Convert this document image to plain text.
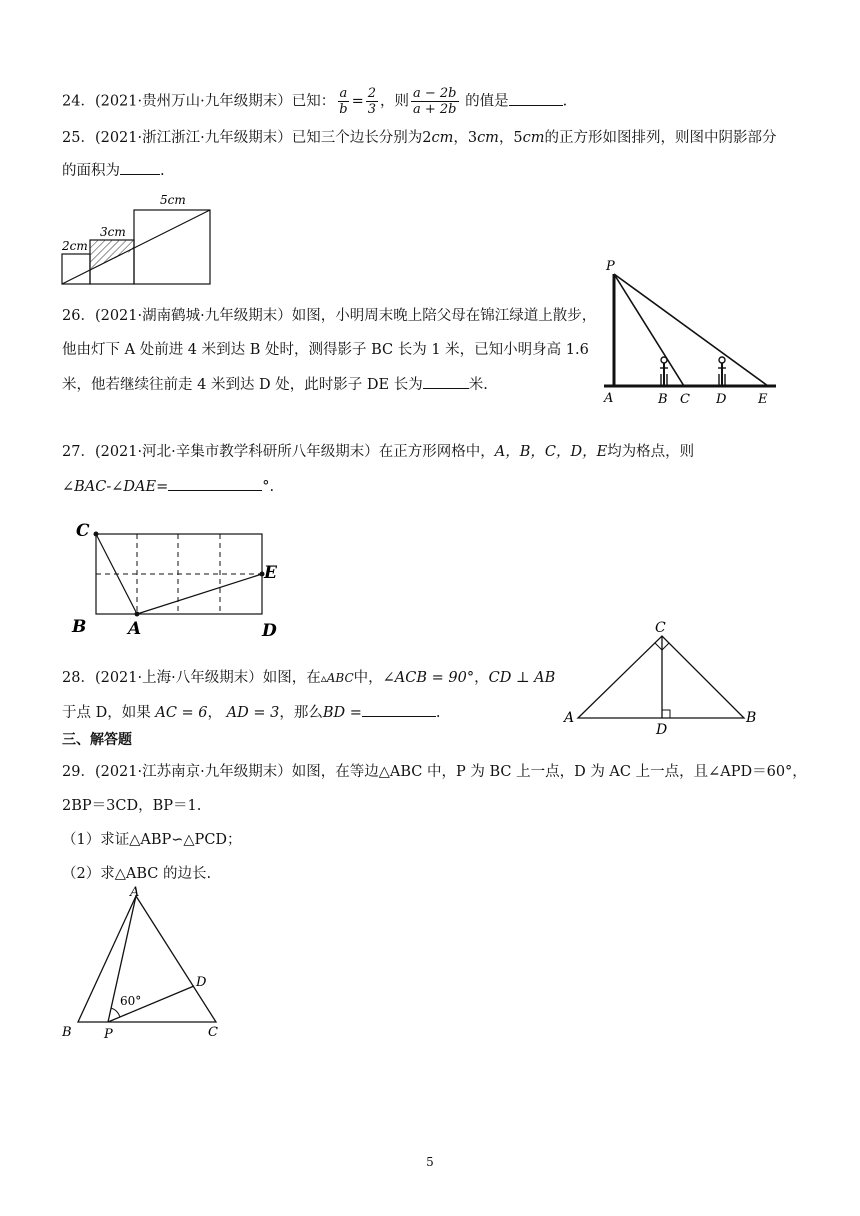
24．(2021·贵州万山·九年级期末）已知： $\frac{a}{b} = \frac{2}{3}$ ，则 $\frac{a - 2b}{a + 2b}$ 的值是	.
25．(2021·浙江浙江·九年级期末）已知三个边长分别为2cm，3cm，5cm的正方形如图排列，则图中阴影部分
的面积为	.
2cm
3cm
5cm
26．(2021·湖南鹤城·九年级期末）如图，小明周末晚上陪父母在锦江绿道上散步，
他由灯下 A 处前进 4 米到达 B 处时，测得影子 BC 长为 1 米，已知小明身高 1.6
米，他若继续往前走 4 米到达 D 处，此时影子 DE 长为	米.
P
A	B C D E
27．(2021·河北·辛集市教学科研所八年级期末）在正方形网格中，A，B，C，D，E均为格点，则
∠BAC-∠DAE=	°.
C
E
B A	D
28．(2021·上海·八年级期末）如图，在▵ABC中，∠ACB = 90°，CD ⊥ AB
于点 D，如果 AC = 6， AD = 3，那么BD =	.
C
A
D
B
三、解答题
29．(2021·江苏南京·九年级期末）如图，在等边△ABC 中，P 为 BC 上一点，D 为 AC 上一点，且∠APD＝60°，
2BP＝3CD，BP＝1.
（1）求证△ABP∽△PCD；
（2）求△ABC 的边长.
A
D
60°
B P	C
5
